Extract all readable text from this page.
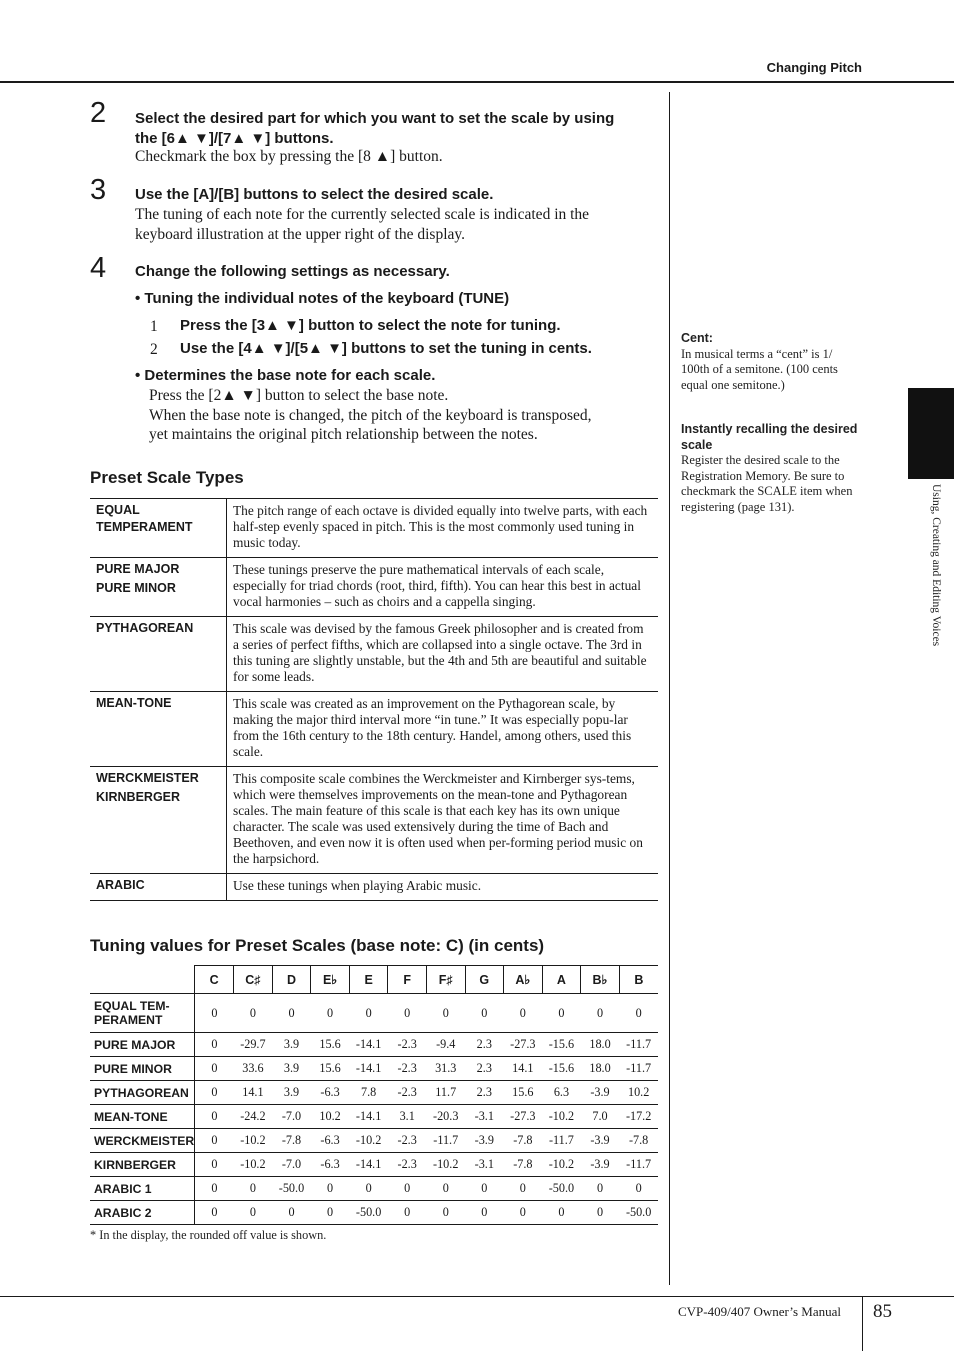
Changing Pitch
Using, Creating and Editing Voices
2 Select the desired part for which you want to set the scale by using
the [6▲ ▼]/[7▲ ▼] buttons.
Checkmark the box by pressing the [8 ▲] button.
3 Use the [A]/[B] buttons to select the desired scale.
The tuning of each note for the currently selected scale is indicated in the
keyboard illustration at the upper right of the display.
4 Change the following settings as necessary.
• Tuning the individual notes of the keyboard (TUNE)
1 Press the [3▲ ▼] button to select the note for tuning.
2 Use the [4▲ ▼]/[5▲ ▼] buttons to set the tuning in cents.
• Determines the base note for each scale.
Press the [2▲ ▼] button to select the base note.
When the base note is changed, the pitch of the keyboard is transposed,
yet maintains the original pitch relationship between the notes.
Preset Scale Types
EQUAL
TEMPERAMENT	The pitch range of each octave is divided equally into twelve parts, with each half-step evenly spaced in pitch. This is the most commonly used tuning in music today.

PURE MAJOR
PURE MINOR	These tunings preserve the pure mathematical intervals of each scale, especially for triad chords (root, third, fifth). You can hear this best in actual vocal harmonies – such as choirs and a cappella singing.

PYTHAGOREAN	This scale was devised by the famous Greek philosopher and is created from a series of perfect fifths, which are collapsed into a single octave. The 3rd in this tuning are slightly unstable, but the 4th and 5th are beautiful and suitable for some leads.

MEAN-TONE	This scale was created as an improvement on the Pythagorean scale, by making the major third interval more “in tune.” It was especially popu-lar from the 16th century to the 18th century. Handel, among others, used this scale.

WERCKMEISTER
KIRNBERGER	This composite scale combines the Werckmeister and Kirnberger sys-tems, which were themselves improvements on the mean-tone and Pythagorean scales. The main feature of this scale is that each key has its own unique character. The scale was used extensively during the time of Bach and Beethoven, and even now it is often used when per-forming period music on the harpsichord.

ARABIC	Use these tunings when playing Arabic music.
Tuning values for Preset Scales (base note: C) (in cents)
	C	C♯	D	E♭	E	F	F♯	G	A♭	A	B♭	B

EQUAL TEM-
PERAMENT	0	0	0	0	0	0	0	0	0	0	0	0

PURE MAJOR	0	-29.7	3.9	15.6	-14.1	-2.3	-9.4	2.3	-27.3	-15.6	18.0	-11.7

PURE MINOR	0	33.6	3.9	15.6	-14.1	-2.3	31.3	2.3	14.1	-15.6	18.0	-11.7

PYTHAGOREAN	0	14.1	3.9	-6.3	7.8	-2.3	11.7	2.3	15.6	6.3	-3.9	10.2

MEAN-TONE	0	-24.2	-7.0	10.2	-14.1	3.1	-20.3	-3.1	-27.3	-10.2	7.0	-17.2

WERCKMEISTER	0	-10.2	-7.8	-6.3	-10.2	-2.3	-11.7	-3.9	-7.8	-11.7	-3.9	-7.8

KIRNBERGER	0	-10.2	-7.0	-6.3	-14.1	-2.3	-10.2	-3.1	-7.8	-10.2	-3.9	-11.7

ARABIC 1	0	0	-50.0	0	0	0	0	0	0	-50.0	0	0

ARABIC 2	0	0	0	0	-50.0	0	0	0	0	0	0	-50.0
* In the display, the rounded off value is shown.
Cent:
In musical terms a “cent” is 1/
100th of a semitone. (100 cents
equal one semitone.)
Instantly recalling the desired
scale
Register the desired scale to the
Registration Memory. Be sure to
checkmark the SCALE item when
registering (page 131).
CVP-409/407 Owner’s Manual 85
